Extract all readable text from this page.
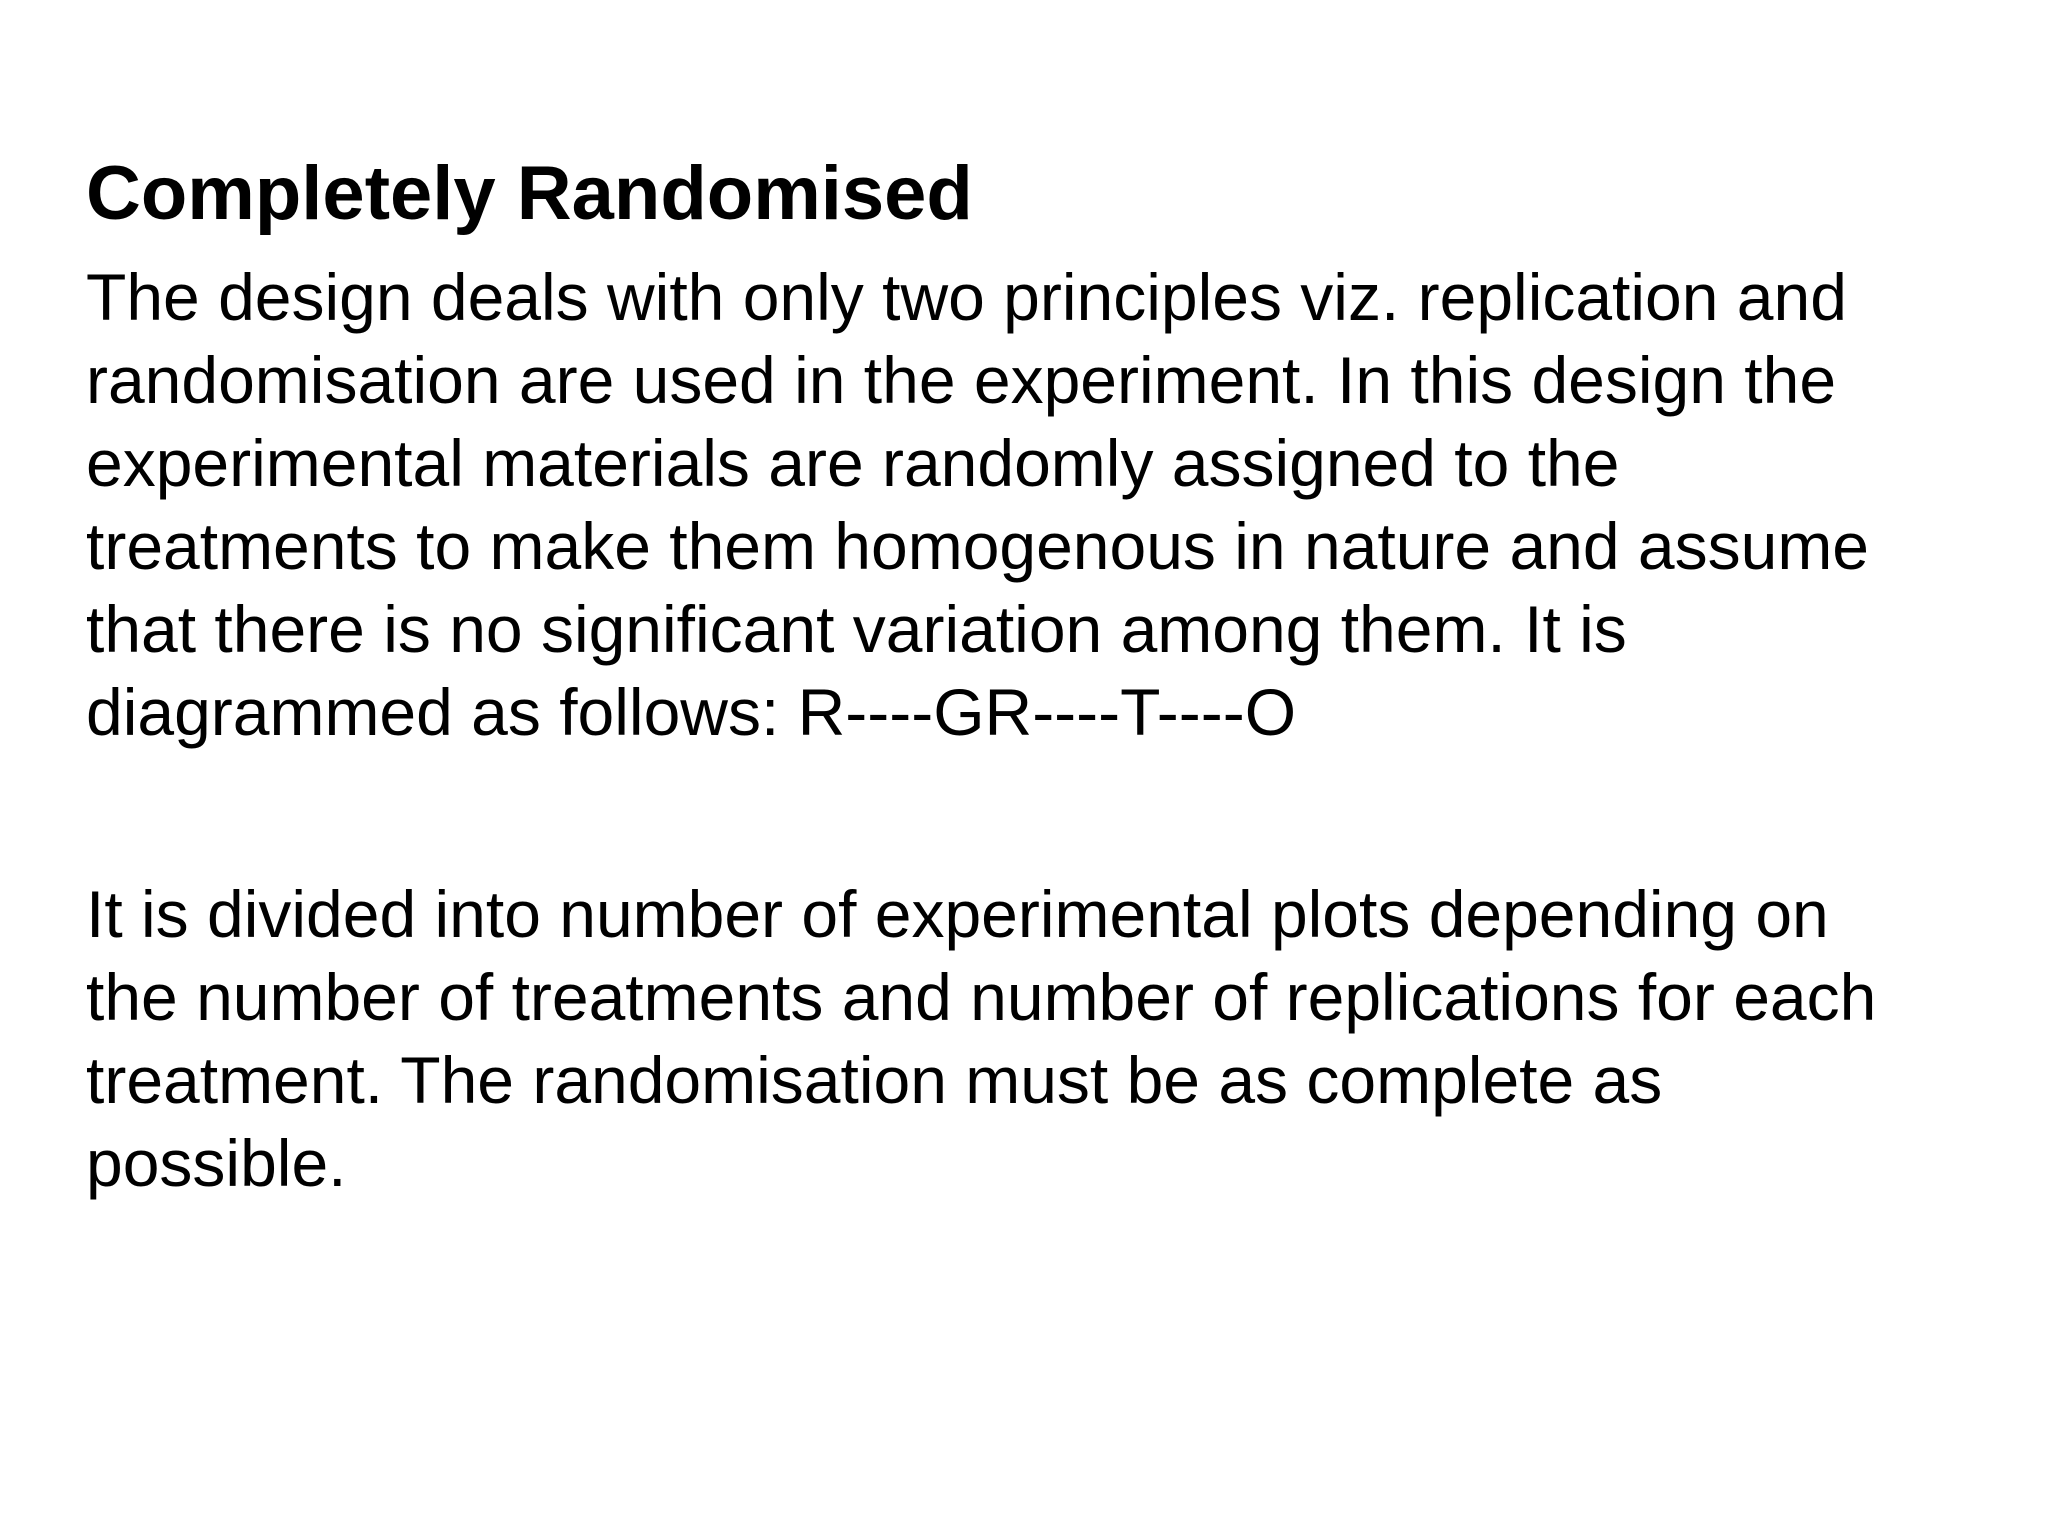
Completely Randomised

The design deals with only two principles viz. replication and
randomisation are used in the experiment. In this design the
experimental materials are randomly assigned to the
treatments to make them homogenous in nature and assume
that there is no significant variation among them. It is
diagrammed as follows: R----GR----T----O

It is divided into number of experimental plots depending on
the number of treatments and number of replications for each
treatment. The randomisation must be as complete as
possible.
